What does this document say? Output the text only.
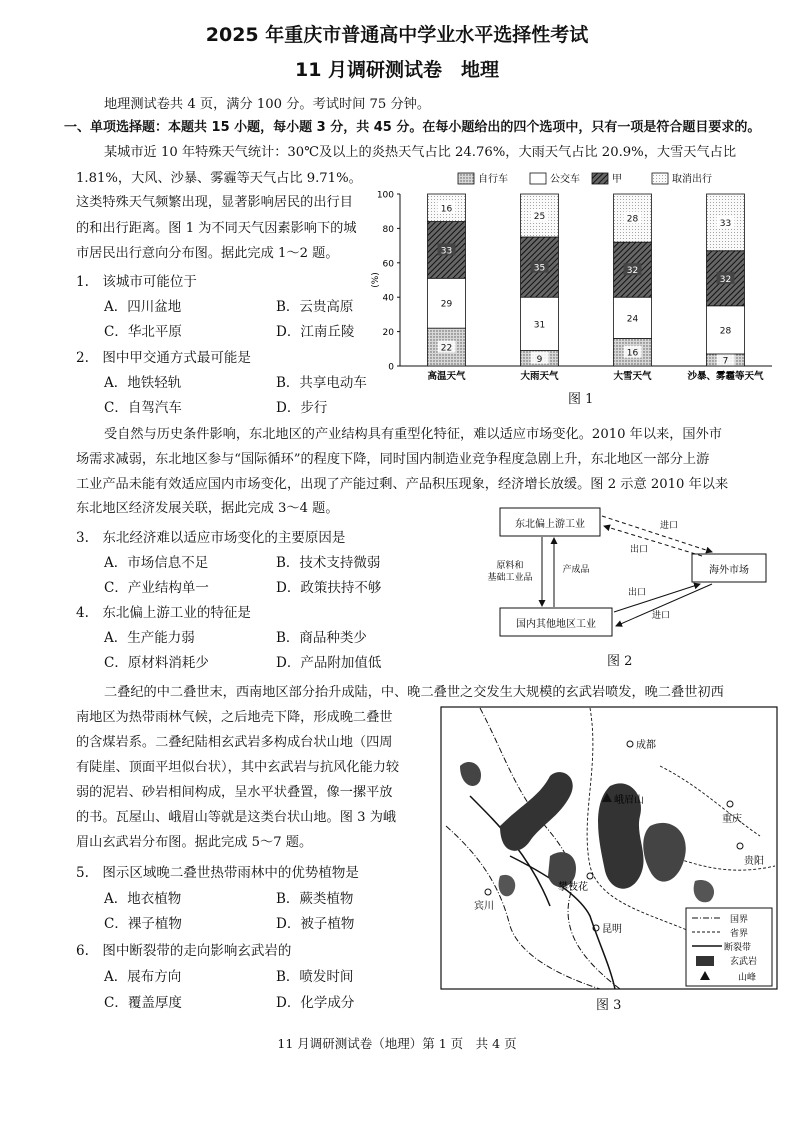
2025 年重庆市普通高中学业水平选择性考试
11 月调研测试卷　地理
地理测试卷共 4 页，满分 100 分。考试时间 75 分钟。
一、单项选择题：本题共 15 小题，每小题 3 分，共 45 分。在每小题给出的四个选项中，只有一项是符合题目要求的。
某城市近 10 年特殊天气统计：30℃及以上的炎热天气占比 24.76%，大雨天气占比 20.9%，大雪天气占比
1.81%，大风、沙暴、雾霾等天气占比 9.71%。
这类特殊天气频繁出现，显著影响居民的出行目
的和出行距离。图 1 为不同天气因素影响下的城
市居民出行意向分布图。据此完成 1～2 题。
1.　该城市可能位于
A．四川盆地	B．云贵高原
C．华北平原	D．江南丘陵
2.　图中甲交通方式最可能是
A．地铁轻轨	B．共享电动车
C．自驾汽车	D．步行
自行车	公交车	甲	取消出行
100
80
60
40
20
0
(%)
22
29
33
16
高温天气
9
31
35
25
大雨天气
16
24
32
28
大雪天气
7
28
32
33
沙暴、雾霾等天气
图 1
受自然与历史条件影响，东北地区的产业结构具有重型化特征，难以适应市场变化。2010 年以来，国外市
场需求减弱，东北地区参与“国际循环”的程度下降，同时国内制造业竞争程度急剧上升，东北地区一部分上游
工业产品未能有效适应国内市场变化，出现了产能过剩、产品积压现象，经济增长放缓。图 2 示意 2010 年以来
东北地区经济发展关联，据此完成 3～4 题。
3.　东北经济难以适应市场变化的主要原因是
A．市场信息不足	B．技术支持微弱
C．产业结构单一	D．政策扶持不够
4.　东北偏上游工业的特征是
A．生产能力弱	B．商品种类少
C．原材料消耗少	D．产品附加值低
东北偏上游工业
国内其他地区工业
海外市场
原料和
基础工业品
产成品
进口
出口
出口
进口
图 2
二叠纪的中二叠世末，西南地区部分抬升成陆，中、晚二叠世之交发生大规模的玄武岩喷发，晚二叠世初西
南地区为热带雨林气候，之后地壳下降，形成晚二叠世
的含煤岩系。二叠纪陆相玄武岩多构成台状山地（四周
有陡崖、顶面平坦似台状），其中玄武岩与抗风化能力较
弱的泥岩、砂岩相间构成，呈水平状叠置，像一摞平放
的书。瓦屋山、峨眉山等就是这类台状山地。图 3 为峨
眉山玄武岩分布图。据此完成 5～7 题。
5.　图示区域晚二叠世热带雨林中的优势植物是
A．地衣植物	B．蕨类植物
C．裸子植物	D．被子植物
6.　图中断裂带的走向影响玄武岩的
A．展布方向	B．喷发时间
C．覆盖厚度	D．化学成分
成都
峨眉山
重庆
攀枝花
贵阳
宾川
昆明
国界
省界
断裂带
玄武岩
山峰
图 3
11 月调研测试卷（地理）第 1 页　共 4 页
